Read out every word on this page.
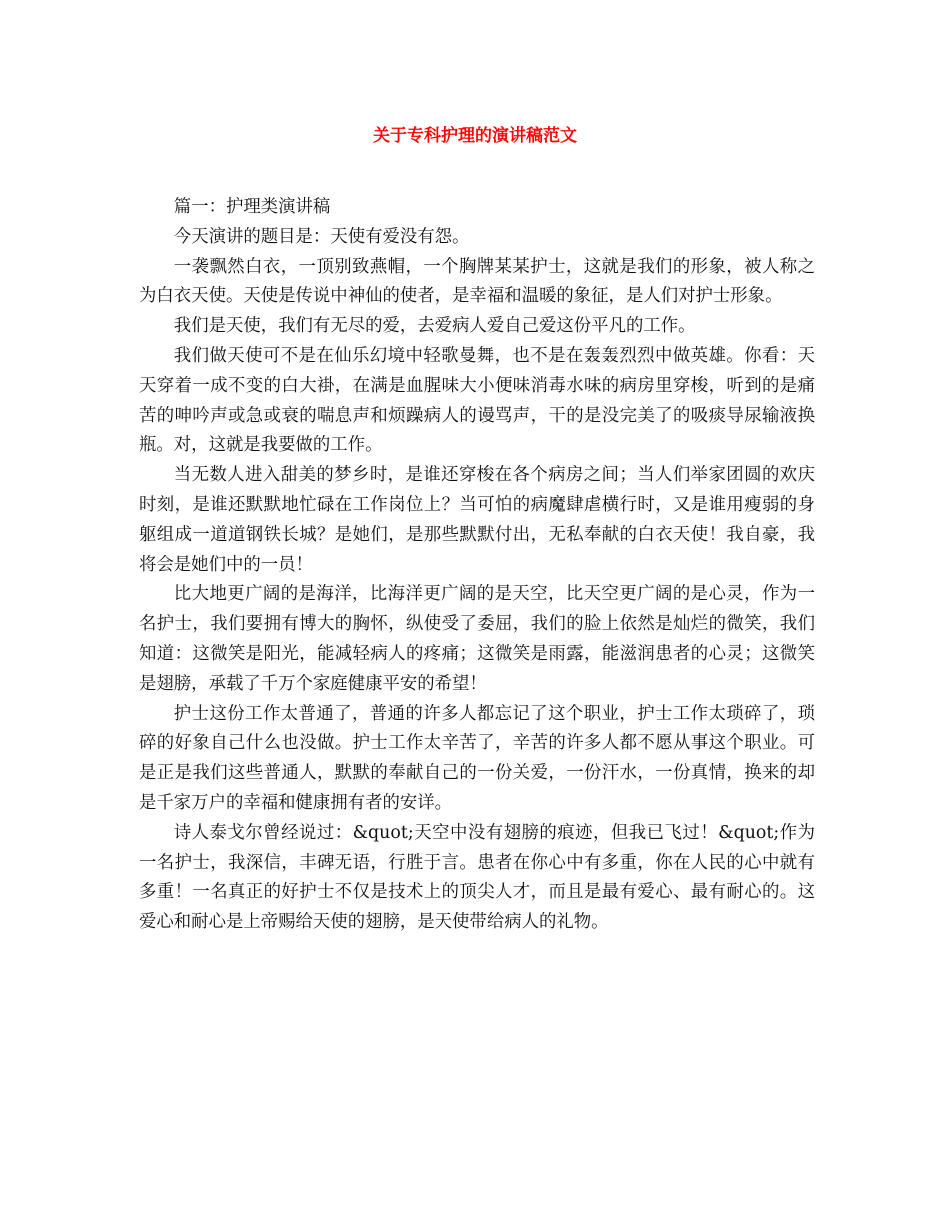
关于专科护理的演讲稿范文

篇一：护理类演讲稿

今天演讲的题目是：天使有爱没有怨。

一袭飘然白衣，一顶别致燕帽，一个胸牌某某护士，这就是我们的形象，被人称之为白衣天使。天使是传说中神仙的使者，是幸福和温暖的象征，是人们对护士形象。

我们是天使，我们有无尽的爱，去爱病人爱自己爱这份平凡的工作。

我们做天使可不是在仙乐幻境中轻歌曼舞，也不是在轰轰烈烈中做英雄。你看：天天穿着一成不变的白大褂，在满是血腥味大小便味消毒水味的病房里穿梭，听到的是痛苦的呻吟声或急或衰的喘息声和烦躁病人的谩骂声，干的是没完美了的吸痰导尿输液换瓶。对，这就是我要做的工作。

当无数人进入甜美的梦乡时，是谁还穿梭在各个病房之间；当人们举家团圆的欢庆时刻，是谁还默默地忙碌在工作岗位上？当可怕的病魔肆虐横行时，又是谁用瘦弱的身躯组成一道道钢铁长城？是她们，是那些默默付出，无私奉献的白衣天使！我自豪，我将会是她们中的一员！

比大地更广阔的是海洋，比海洋更广阔的是天空，比天空更广阔的是心灵，作为一名护士，我们要拥有博大的胸怀，纵使受了委屈，我们的脸上依然是灿烂的微笑，我们知道：这微笑是阳光，能减轻病人的疼痛；这微笑是雨露，能滋润患者的心灵；这微笑是翅膀，承载了千万个家庭健康平安的希望！

护士这份工作太普通了，普通的许多人都忘记了这个职业，护士工作太琐碎了，琐碎的好象自己什么也没做。护士工作太辛苦了，辛苦的许多人都不愿从事这个职业。可是正是我们这些普通人，默默的奉献自己的一份关爱，一份汗水，一份真情，换来的却是千家万户的幸福和健康拥有者的安详。

诗人泰戈尔曾经说过：&quot;天空中没有翅膀的痕迹，但我已飞过！&quot;作为一名护士，我深信，丰碑无语，行胜于言。患者在你心中有多重，你在人民的心中就有多重！一名真正的好护士不仅是技术上的顶尖人才，而且是最有爱心、最有耐心的。这爱心和耐心是上帝赐给天使的翅膀，是天使带给病人的礼物。
